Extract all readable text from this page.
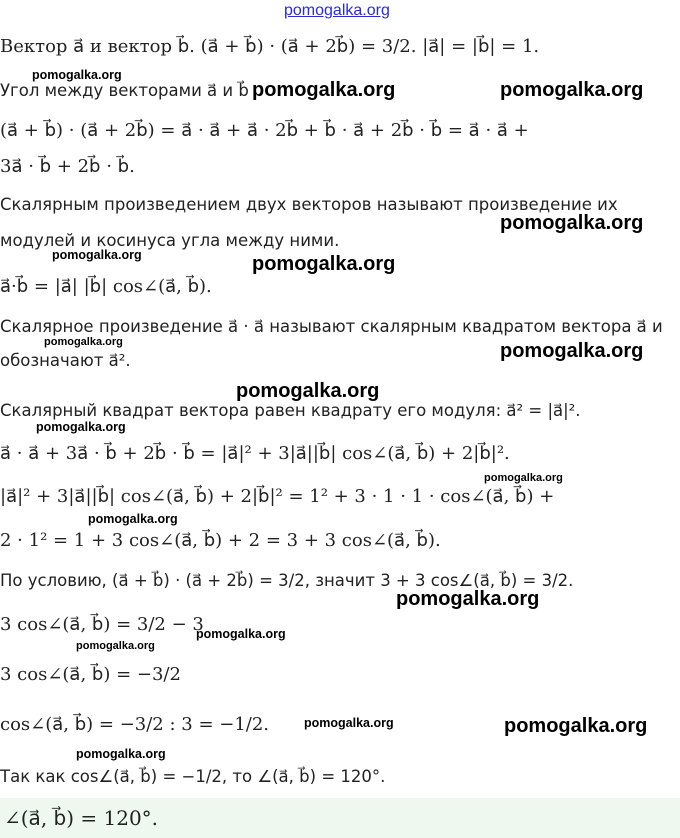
pomogalka.org
Вектор a⃗ и вектор b⃗. (a⃗ + b⃗) · (a⃗ + 2b⃗) = 3/2. |a⃗| = |b⃗| = 1.
pomogalka.org
Угол между векторами a⃗ и b⃗ pomogalka.org	pomogalka.org
(a⃗ + b⃗) · (a⃗ + 2b⃗) = a⃗ · a⃗ + a⃗ · 2b⃗ + b⃗ · a⃗ + 2b⃗ · b⃗ = a⃗ · a⃗ +
3a⃗ · b⃗ + 2b⃗ · b⃗.
Скалярным произведением двух векторов называют произведение их
pomogalka.org
модулей и косинуса угла между ними.
pomogalka.org	pomogalka.org
a⃗·b⃗ = |a⃗| |b⃗| cos∠(a⃗, b⃗).
Скалярное произведение a⃗ · a⃗ называют скалярным квадратом вектора a⃗ и
pomogalka.org	pomogalka.org
обозначают a⃗².
pomogalka.org
Скалярный квадрат вектора равен квадрату его модуля: a⃗² = |a⃗|².
pomogalka.org
a⃗ · a⃗ + 3a⃗ · b⃗ + 2b⃗ · b⃗ = |a⃗|² + 3|a⃗||b⃗| cos∠(a⃗, b⃗) + 2|b⃗|².
pomogalka.org
|a⃗|² + 3|a⃗||b⃗| cos∠(a⃗, b⃗) + 2|b⃗|² = 1² + 3 · 1 · 1 · cos∠(a⃗, b⃗) +
pomogalka.org
2 · 1² = 1 + 3 cos∠(a⃗, b⃗) + 2 = 3 + 3 cos∠(a⃗, b⃗).
По условию, (a⃗ + b⃗) · (a⃗ + 2b⃗) = 3/2, значит 3 + 3 cos∠(a⃗, b⃗) = 3/2.
pomogalka.org
3 cos∠(a⃗, b⃗) = 3/2 − 3
pomogalka.org
pomogalka.org
3 cos∠(a⃗, b⃗) = −3/2
cos∠(a⃗, b⃗) = −3/2 : 3 = −1/2.	pomogalka.org	pomogalka.org
pomogalka.org
Так как cos∠(a⃗, b⃗) = −1/2, то ∠(a⃗, b⃗) = 120°.
∠(a⃗, b⃗) = 120°.
